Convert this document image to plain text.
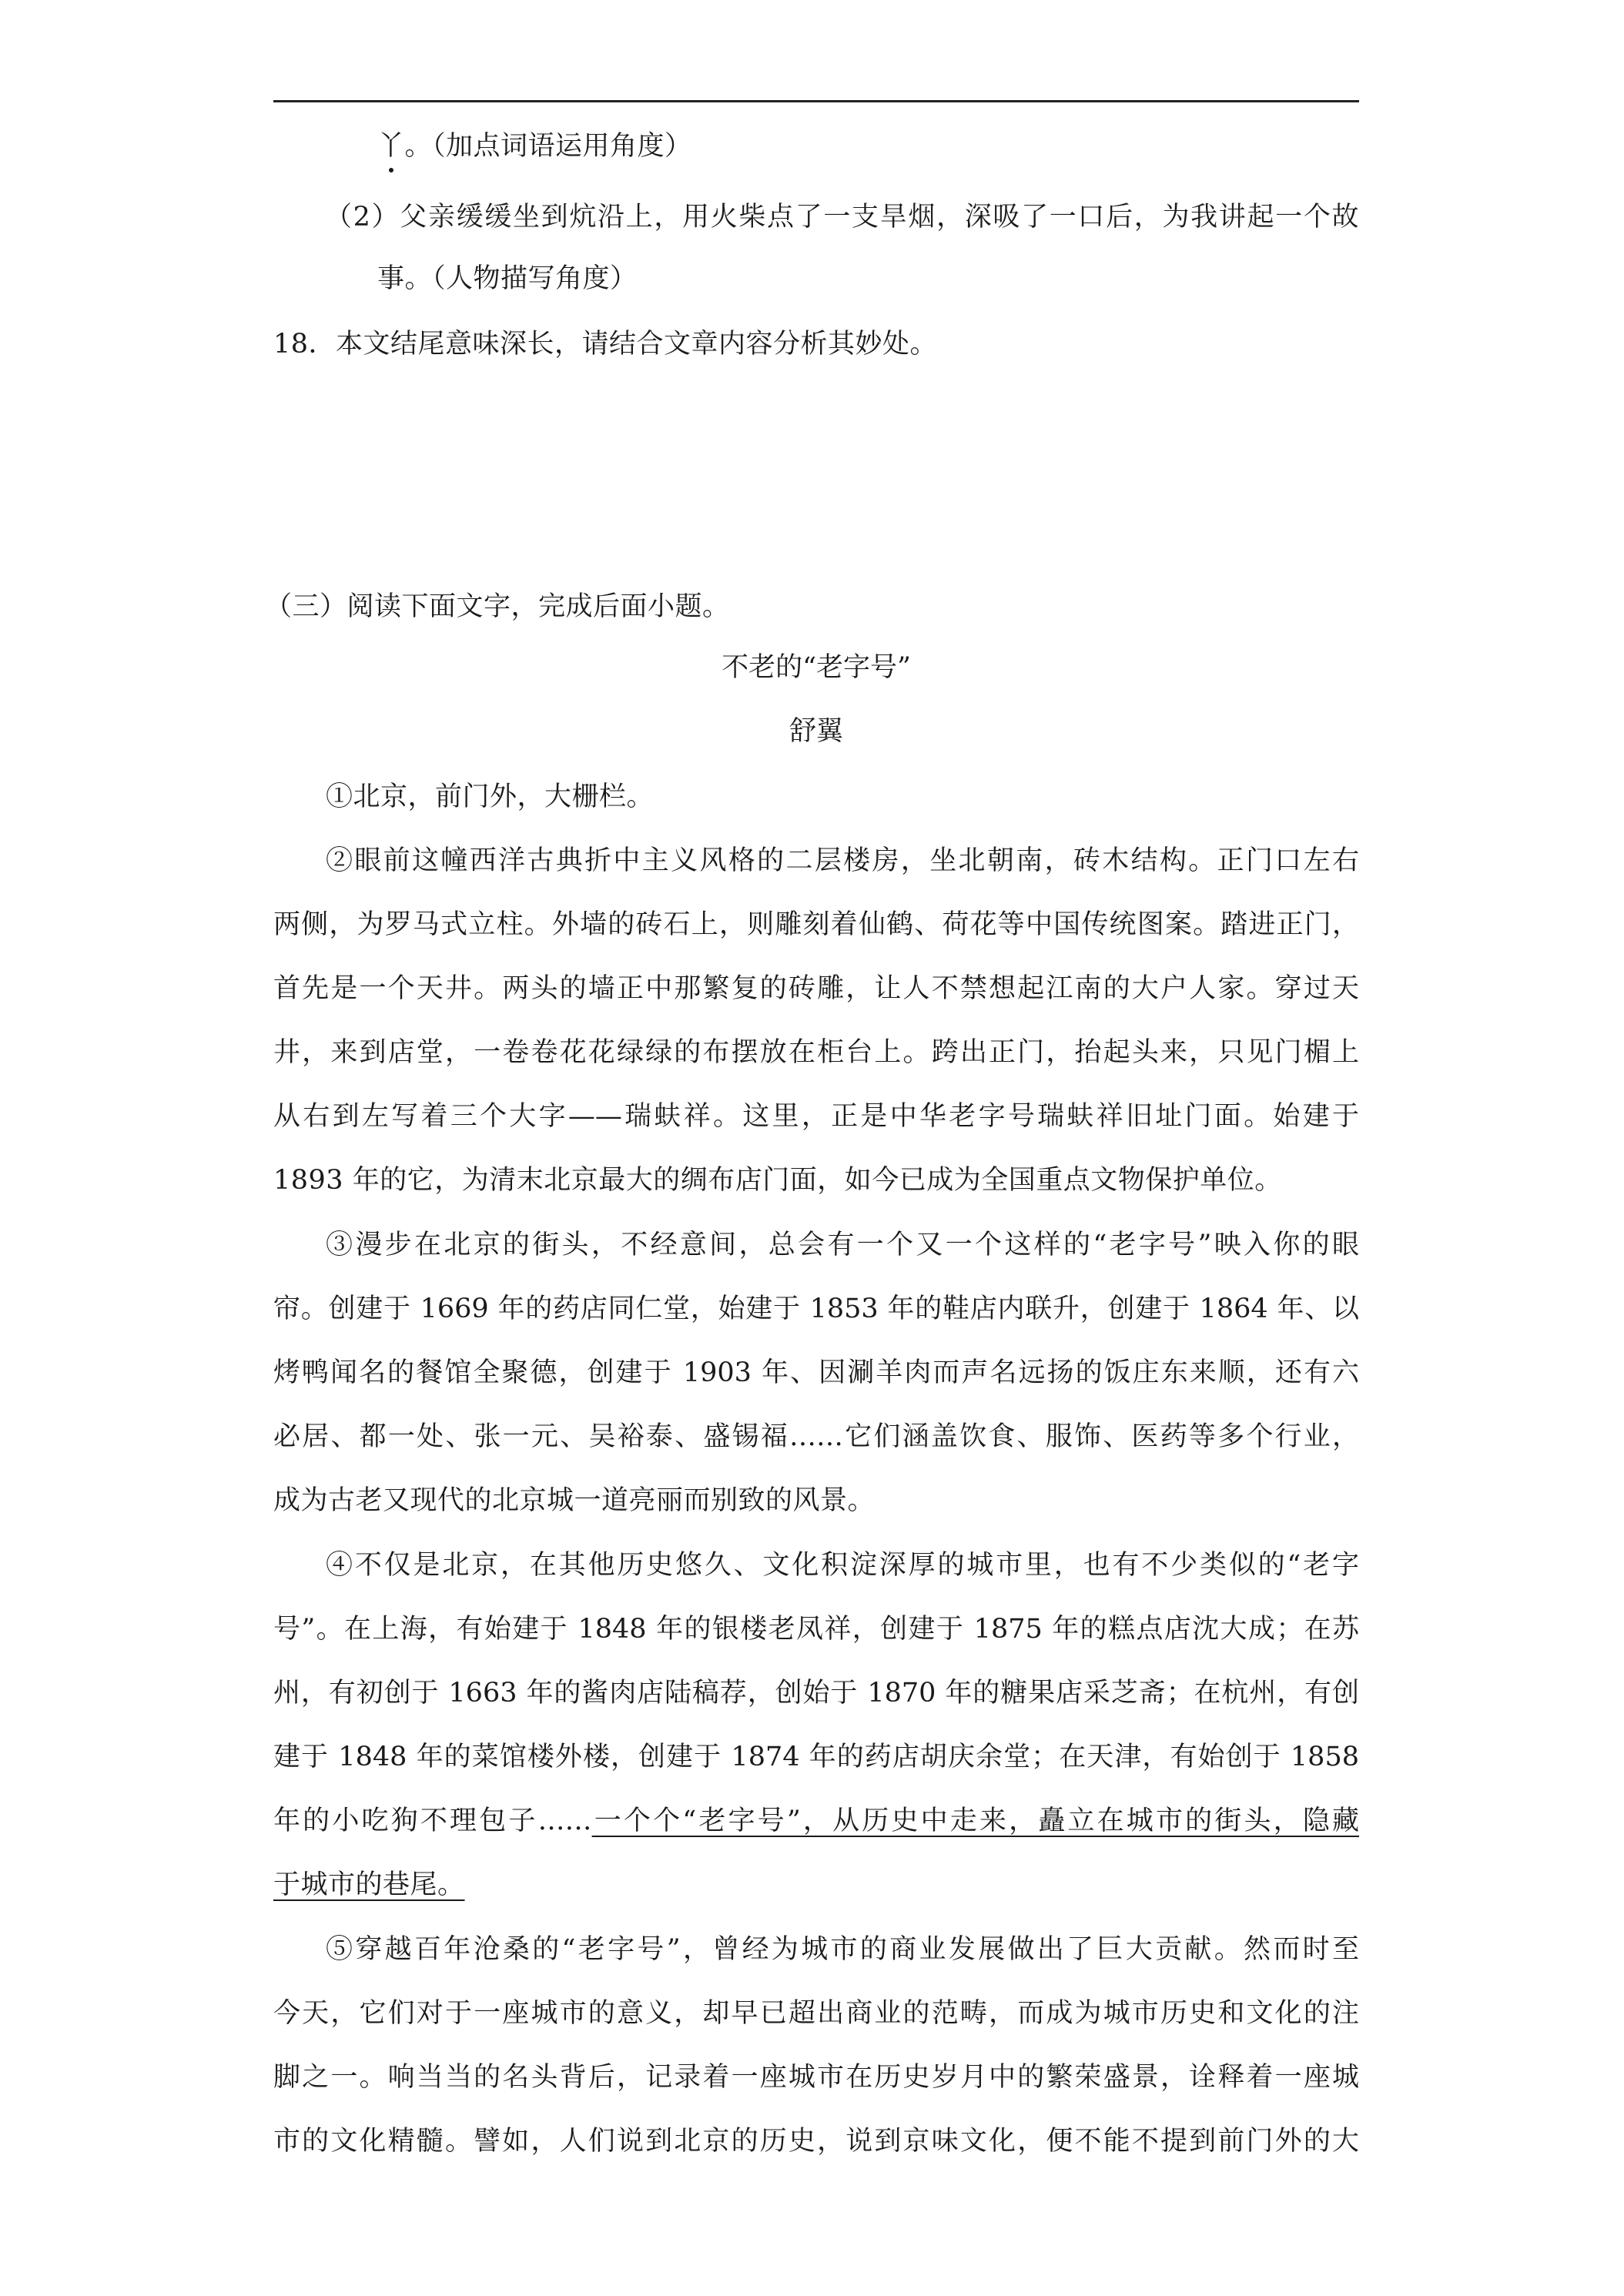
丫。（加点词语运用角度）
（2）父亲缓缓坐到炕沿上，用火柴点了一支旱烟，深吸了一口后，为我讲起一个故
事。（人物描写角度）
18．本文结尾意味深长，请结合文章内容分析其妙处。
（三）阅读下面文字，完成后面小题。
不老的“老字号”
舒翼
①北京，前门外，大栅栏。
②眼前这幢西洋古典折中主义风格的二层楼房，坐北朝南，砖木结构。正门口左右
两侧，为罗马式立柱。外墙的砖石上，则雕刻着仙鹤、荷花等中国传统图案。踏进正门，
首先是一个天井。两头的墙正中那繁复的砖雕，让人不禁想起江南的大户人家。穿过天
井，来到店堂，一卷卷花花绿绿的布摆放在柜台上。跨出正门，抬起头来，只见门楣上
从右到左写着三个大字——瑞蚨祥。这里，正是中华老字号瑞蚨祥旧址门面。始建于
1893 年的它，为清末北京最大的绸布店门面，如今已成为全国重点文物保护单位。
③漫步在北京的街头，不经意间，总会有一个又一个这样的“老字号”映入你的眼
帘。创建于 1669 年的药店同仁堂，始建于 1853 年的鞋店内联升，创建于 1864 年、以
烤鸭闻名的餐馆全聚德，创建于 1903 年、因涮羊肉而声名远扬的饭庄东来顺，还有六
必居、都一处、张一元、吴裕泰、盛锡福……它们涵盖饮食、服饰、医药等多个行业，
成为古老又现代的北京城一道亮丽而别致的风景。
④不仅是北京，在其他历史悠久、文化积淀深厚的城市里，也有不少类似的“老字
号”。在上海，有始建于 1848 年的银楼老凤祥，创建于 1875 年的糕点店沈大成；在苏
州，有初创于 1663 年的酱肉店陆稿荐，创始于 1870 年的糖果店采芝斋；在杭州，有创
建于 1848 年的菜馆楼外楼，创建于 1874 年的药店胡庆余堂；在天津，有始创于 1858
年的小吃狗不理包子……一个个“老字号”，从历史中走来，矗立在城市的街头，隐藏
于城市的巷尾。
⑤穿越百年沧桑的“老字号”，曾经为城市的商业发展做出了巨大贡献。然而时至
今天，它们对于一座城市的意义，却早已超出商业的范畴，而成为城市历史和文化的注
脚之一。响当当的名头背后，记录着一座城市在历史岁月中的繁荣盛景，诠释着一座城
市的文化精髓。譬如，人们说到北京的历史，说到京味文化，便不能不提到前门外的大
